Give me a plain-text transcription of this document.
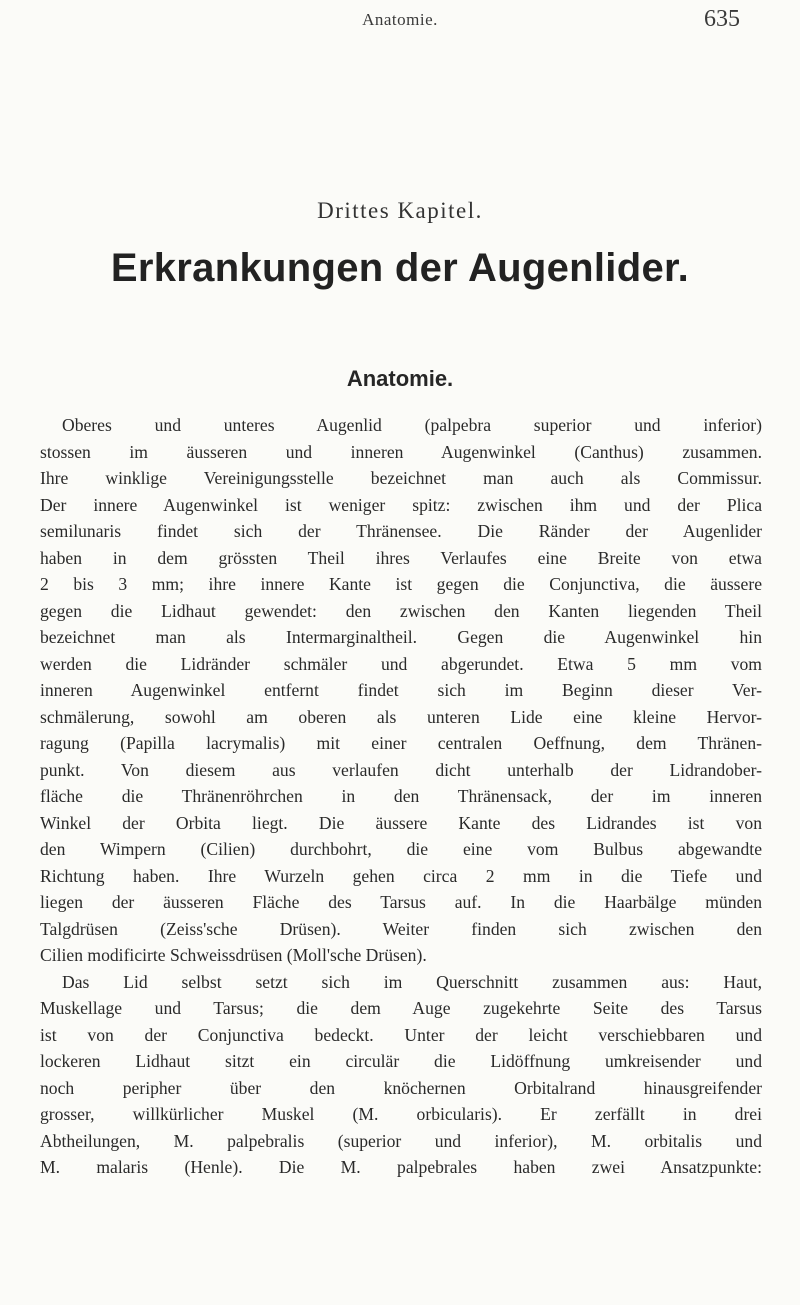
Anatomie.	635
Drittes Kapitel.
Erkrankungen der Augenlider.
Anatomie.
Oberes und unteres Augenlid (palpebra superior und inferior)
stossen im äusseren und inneren Augenwinkel (Canthus) zusammen.
Ihre winklige Vereinigungsstelle bezeichnet man auch als Commissur.
Der innere Augenwinkel ist weniger spitz: zwischen ihm und der Plica
semilunaris findet sich der Thränensee. Die Ränder der Augenlider
haben in dem grössten Theil ihres Verlaufes eine Breite von etwa
2 bis 3 mm; ihre innere Kante ist gegen die Conjunctiva, die äussere
gegen die Lidhaut gewendet: den zwischen den Kanten liegenden Theil
bezeichnet man als Intermarginaltheil. Gegen die Augenwinkel hin
werden die Lidränder schmäler und abgerundet. Etwa 5 mm vom
inneren Augenwinkel entfernt findet sich im Beginn dieser Ver-
schmälerung, sowohl am oberen als unteren Lide eine kleine Hervor-
ragung (Papilla lacrymalis) mit einer centralen Oeffnung, dem Thränen-
punkt. Von diesem aus verlaufen dicht unterhalb der Lidrandober-
fläche die Thränenröhrchen in den Thränensack, der im inneren
Winkel der Orbita liegt. Die äussere Kante des Lidrandes ist von
den Wimpern (Cilien) durchbohrt, die eine vom Bulbus abgewandte
Richtung haben. Ihre Wurzeln gehen circa 2 mm in die Tiefe und
liegen der äusseren Fläche des Tarsus auf. In die Haarbälge münden
Talgdrüsen (Zeiss'sche Drüsen). Weiter finden sich zwischen den
Cilien modificirte Schweissdrüsen (Moll'sche Drüsen).
Das Lid selbst setzt sich im Querschnitt zusammen aus: Haut,
Muskellage und Tarsus; die dem Auge zugekehrte Seite des Tarsus
ist von der Conjunctiva bedeckt. Unter der leicht verschiebbaren und
lockeren Lidhaut sitzt ein circulär die Lidöffnung umkreisender und
noch peripher über den knöchernen Orbitalrand hinausgreifender
grosser, willkürlicher Muskel (M. orbicularis). Er zerfällt in drei
Abtheilungen, M. palpebralis (superior und inferior), M. orbitalis und
M. malaris (Henle). Die M. palpebrales haben zwei Ansatzpunkte:
